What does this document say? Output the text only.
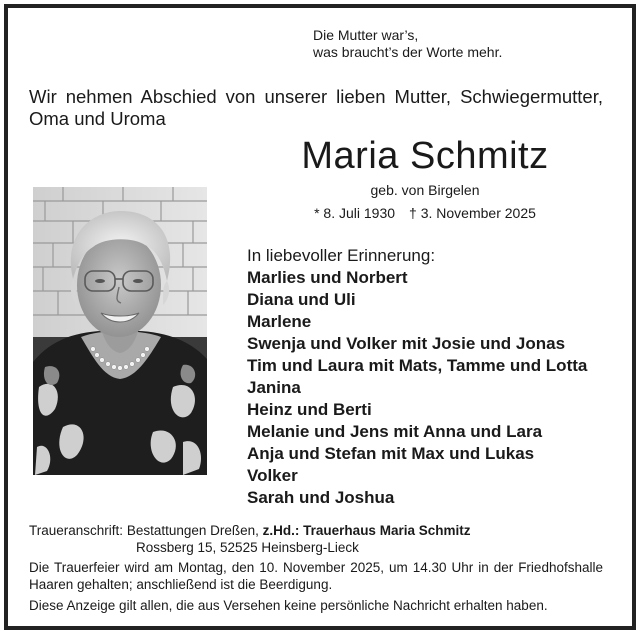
Die Mutter war’s,
was braucht’s der Worte mehr.
Wir nehmen Abschied von unserer lieben Mutter, Schwiegermutter, Oma und Uroma
Maria Schmitz
geb. von Birgelen
* 8. Juli 1930 † 3. November 2025
In liebevoller Erinnerung:
Marlies und Norbert
Diana und Uli
Marlene
Swenja und Volker mit Josie und Jonas
Tim und Laura mit Mats, Tamme und Lotta
Janina
Heinz und Berti
Melanie und Jens mit Anna und Lara
Anja und Stefan mit Max und Lukas
Volker
Sarah und Joshua
Traueranschrift: Bestattungen Dreßen, z.Hd.: Trauerhaus Maria Schmitz
Rossberg 15, 52525 Heinsberg-Lieck
Die Trauerfeier wird am Montag, den 10. November 2025, um 14.30 Uhr in der Friedhofshalle Haaren gehalten; anschließend ist die Beerdigung.
Diese Anzeige gilt allen, die aus Versehen keine persönliche Nachricht erhalten haben.
